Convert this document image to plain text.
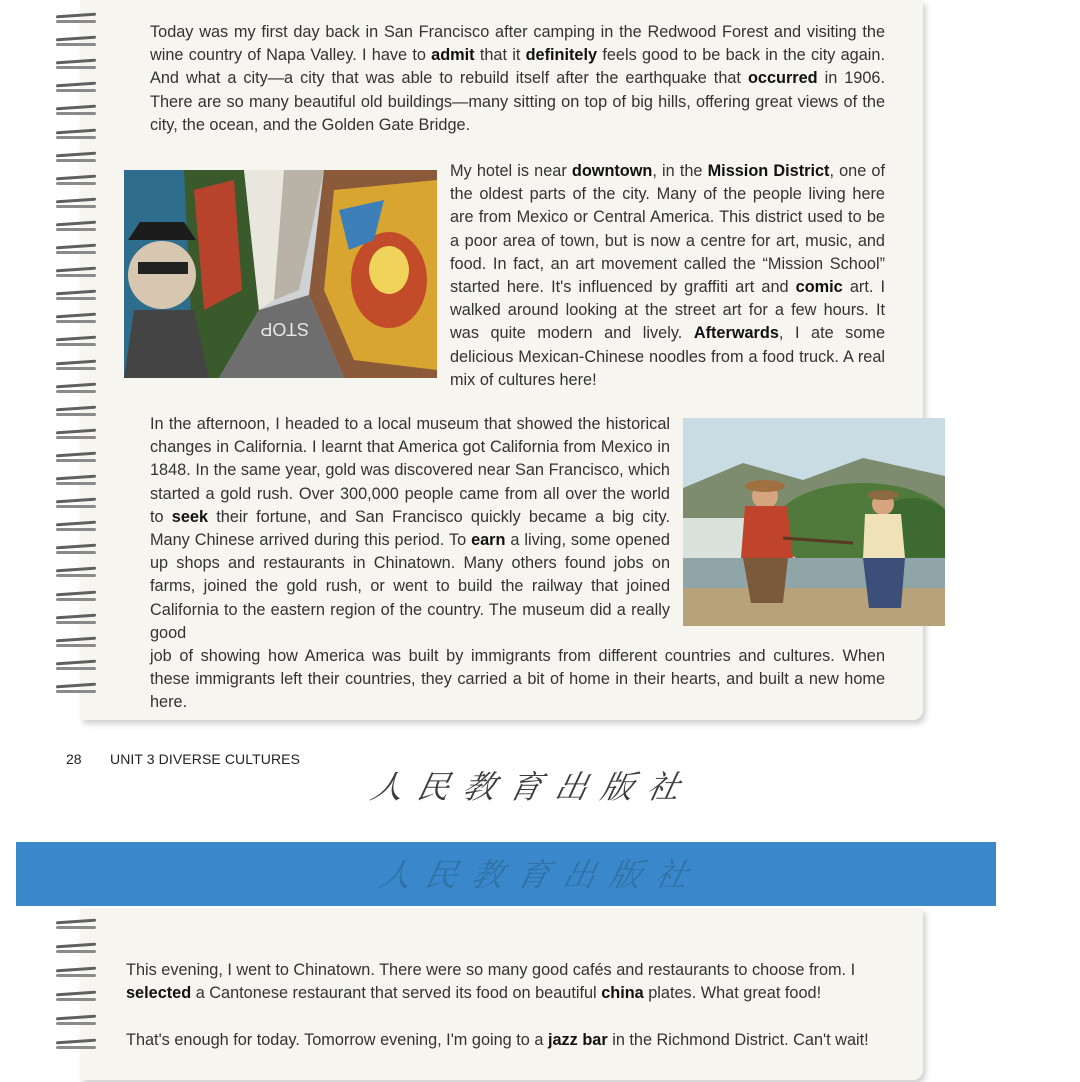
Today was my first day back in San Francisco after camping in the Redwood Forest and visiting the wine country of Napa Valley. I have to admit that it definitely feels good to be back in the city again. And what a city—a city that was able to rebuild itself after the earthquake that occurred in 1906. There are so many beautiful old buildings—many sitting on top of big hills, offering great views of the city, the ocean, and the Golden Gate Bridge.
STOP
My hotel is near downtown, in the Mission District, one of the oldest parts of the city. Many of the people living here are from Mexico or Central America. This district used to be a poor area of town, but is now a centre for art, music, and food. In fact, an art movement called the “Mission School” started here. It's influenced by graffiti art and comic art. I walked around looking at the street art for a few hours. It was quite modern and lively. Afterwards, I ate some delicious Mexican-Chinese noodles from a food truck. A real mix of cultures here!
In the afternoon, I headed to a local museum that showed the historical changes in California. I learnt that America got California from Mexico in 1848. In the same year, gold was discovered near San Francisco, which started a gold rush. Over 300,000 people came from all over the world to seek their fortune, and San Francisco quickly became a big city. Many Chinese arrived during this period. To earn a living, some opened up shops and restaurants in Chinatown. Many others found jobs on farms, joined the gold rush, or went to build the railway that joined California to the eastern region of the country. The museum did a really good
job of showing how America was built by immigrants from different countries and cultures. When these immigrants left their countries, they carried a bit of home in their hearts, and built a new home here.
28 UNIT 3 DIVERSE CULTURES
人民教育出版社
人民教育出版社
This evening, I went to Chinatown. There were so many good cafés and restaurants to choose from. I selected a Cantonese restaurant that served its food on beautiful china plates. What great food!
That's enough for today. Tomorrow evening, I'm going to a jazz bar in the Richmond District. Can't wait!
